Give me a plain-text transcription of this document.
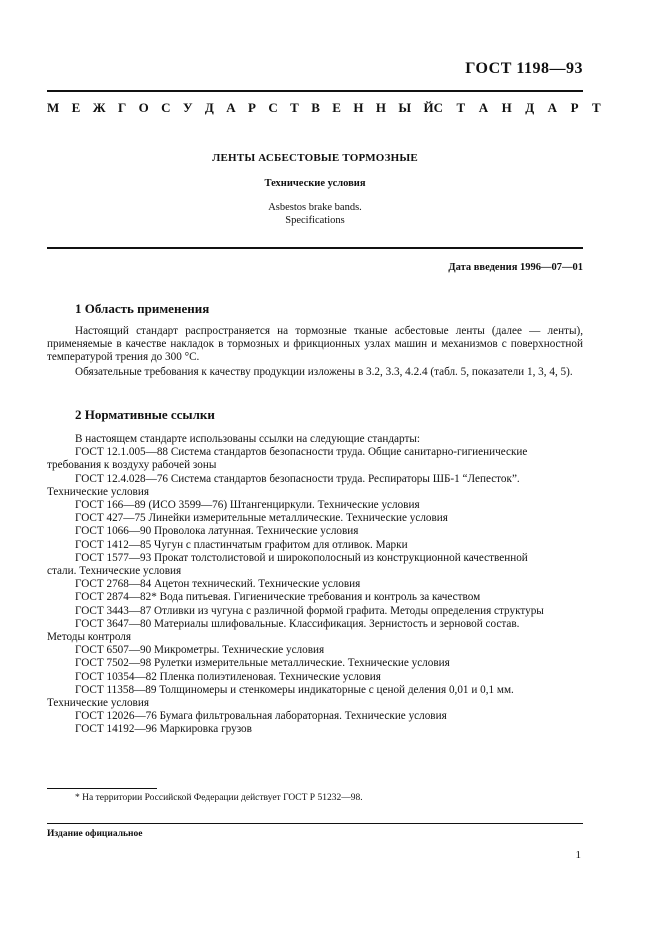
ГОСТ 1198—93
М Е Ж Г О С У Д А Р С Т В Е Н Н Ы Й С Т А Н Д А Р Т
ЛЕНТЫ АСБЕСТОВЫЕ ТОРМОЗНЫЕ
Технические условия
Asbestos brake bands.
Specifications
Дата введения 1996—07—01
1 Область применения
Настоящий стандарт распространяется на тормозные тканые асбестовые ленты (далее — ленты), применяемые в качестве накладок в тормозных и фрикционных узлах машин и механизмов с поверхностной температурой трения до 300 °С.
Обязательные требования к качеству продукции изложены в 3.2, 3.3, 4.2.4 (табл. 5, показатели 1, 3, 4, 5).
2 Нормативные ссылки
В настоящем стандарте использованы ссылки на следующие стандарты:
ГОСТ 12.1.005—88 Система стандартов безопасности труда. Общие санитарно-гигиенические
требования к воздуху рабочей зоны
ГОСТ 12.4.028—76 Система стандартов безопасности труда. Респираторы ШБ-1 “Лепесток”.
Технические условия
ГОСТ 166—89 (ИСО 3599—76) Штангенциркули. Технические условия
ГОСТ 427—75 Линейки измерительные металлические. Технические условия
ГОСТ 1066—90 Проволока латунная. Технические условия
ГОСТ 1412—85 Чугун с пластинчатым графитом для отливок. Марки
ГОСТ 1577—93 Прокат толстолистовой и широкополосный из конструкционной качественной
стали. Технические условия
ГОСТ 2768—84 Ацетон технический. Технические условия
ГОСТ 2874—82* Вода питьевая. Гигиенические требования и контроль за качеством
ГОСТ 3443—87 Отливки из чугуна с различной формой графита. Методы определения структуры
ГОСТ 3647—80 Материалы шлифовальные. Классификация. Зернистость и зерновой состав.
Методы контроля
ГОСТ 6507—90 Микрометры. Технические условия
ГОСТ 7502—98 Рулетки измерительные металлические. Технические условия
ГОСТ 10354—82 Пленка полиэтиленовая. Технические условия
ГОСТ 11358—89 Толщиномеры и стенкомеры индикаторные с ценой деления 0,01 и 0,1 мм.
Технические условия
ГОСТ 12026—76 Бумага фильтровальная лабораторная. Технические условия
ГОСТ 14192—96 Маркировка грузов
* На территории Российской Федерации действует ГОСТ Р 51232—98.
Издание официальное
1
